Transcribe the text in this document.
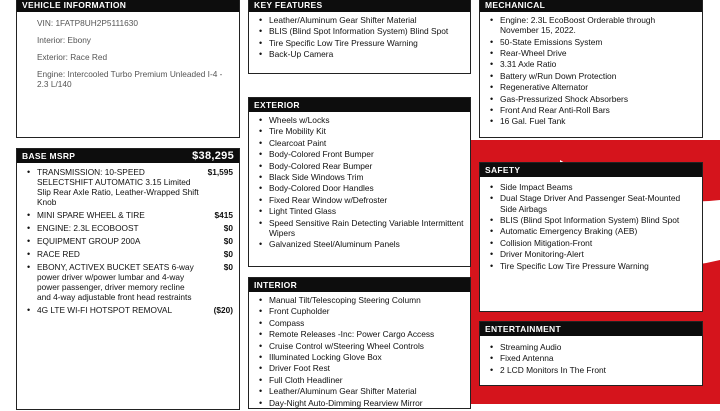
VEHICLE INFORMATION
VIN: 1FATP8UH2P5111630
Interior: Ebony
Exterior: Race Red
Engine: Intercooled Turbo Premium Unleaded I-4 - 2.3 L/140
BASE MSRP	$38,295
• TRANSMISSION: 10-SPEED SELECTSHIFT AUTOMATIC 3.15 Limited Slip Rear Axle Ratio, Leather-Wrapped Shift Knob
$1,595
• MINI SPARE WHEEL & TIRE	$415
• ENGINE: 2.3L ECOBOOST	$0
• EQUIPMENT GROUP 200A	$0
• RACE RED	$0
• EBONY, ACTIVEX BUCKET SEATS 6-way power driver w/power lumbar and 4-way power passenger, driver memory recline and 4-way adjustable front head restraints
$0
• 4G LTE WI-FI HOTSPOT REMOVAL	($20)
KEY FEATURES
• Leather/Aluminum Gear Shifter Material
• BLIS (Blind Spot Information System) Blind Spot
• Tire Specific Low Tire Pressure Warning
• Back-Up Camera
EXTERIOR
• Wheels w/Locks
• Tire Mobility Kit
• Clearcoat Paint
• Body-Colored Front Bumper
• Body-Colored Rear Bumper
• Black Side Windows Trim
• Body-Colored Door Handles
• Fixed Rear Window w/Defroster
• Light Tinted Glass
• Speed Sensitive Rain Detecting Variable Intermittent Wipers
• Galvanized Steel/Aluminum Panels
INTERIOR
• Manual Tilt/Telescoping Steering Column
• Front Cupholder
• Compass
• Remote Releases -Inc: Power Cargo Access
• Cruise Control w/Steering Wheel Controls
• Illuminated Locking Glove Box
• Driver Foot Rest
• Full Cloth Headliner
• Leather/Aluminum Gear Shifter Material
• Day-Night Auto-Dimming Rearview Mirror
MECHANICAL
• Engine: 2.3L EcoBoost Orderable through November 15, 2022.
• 50-State Emissions System
• Rear-Wheel Drive
• 3.31 Axle Ratio
• Battery w/Run Down Protection
• Regenerative Alternator
• Gas-Pressurized Shock Absorbers
• Front And Rear Anti-Roll Bars
• 16 Gal. Fuel Tank
SAFETY
• Side Impact Beams
• Dual Stage Driver And Passenger Seat-Mounted Side Airbags
• BLIS (Blind Spot Information System) Blind Spot
• Automatic Emergency Braking (AEB)
• Collision Mitigation-Front
• Driver Monitoring-Alert
• Tire Specific Low Tire Pressure Warning
ENTERTAINMENT
• Streaming Audio
• Fixed Antenna
• 2 LCD Monitors In The Front
